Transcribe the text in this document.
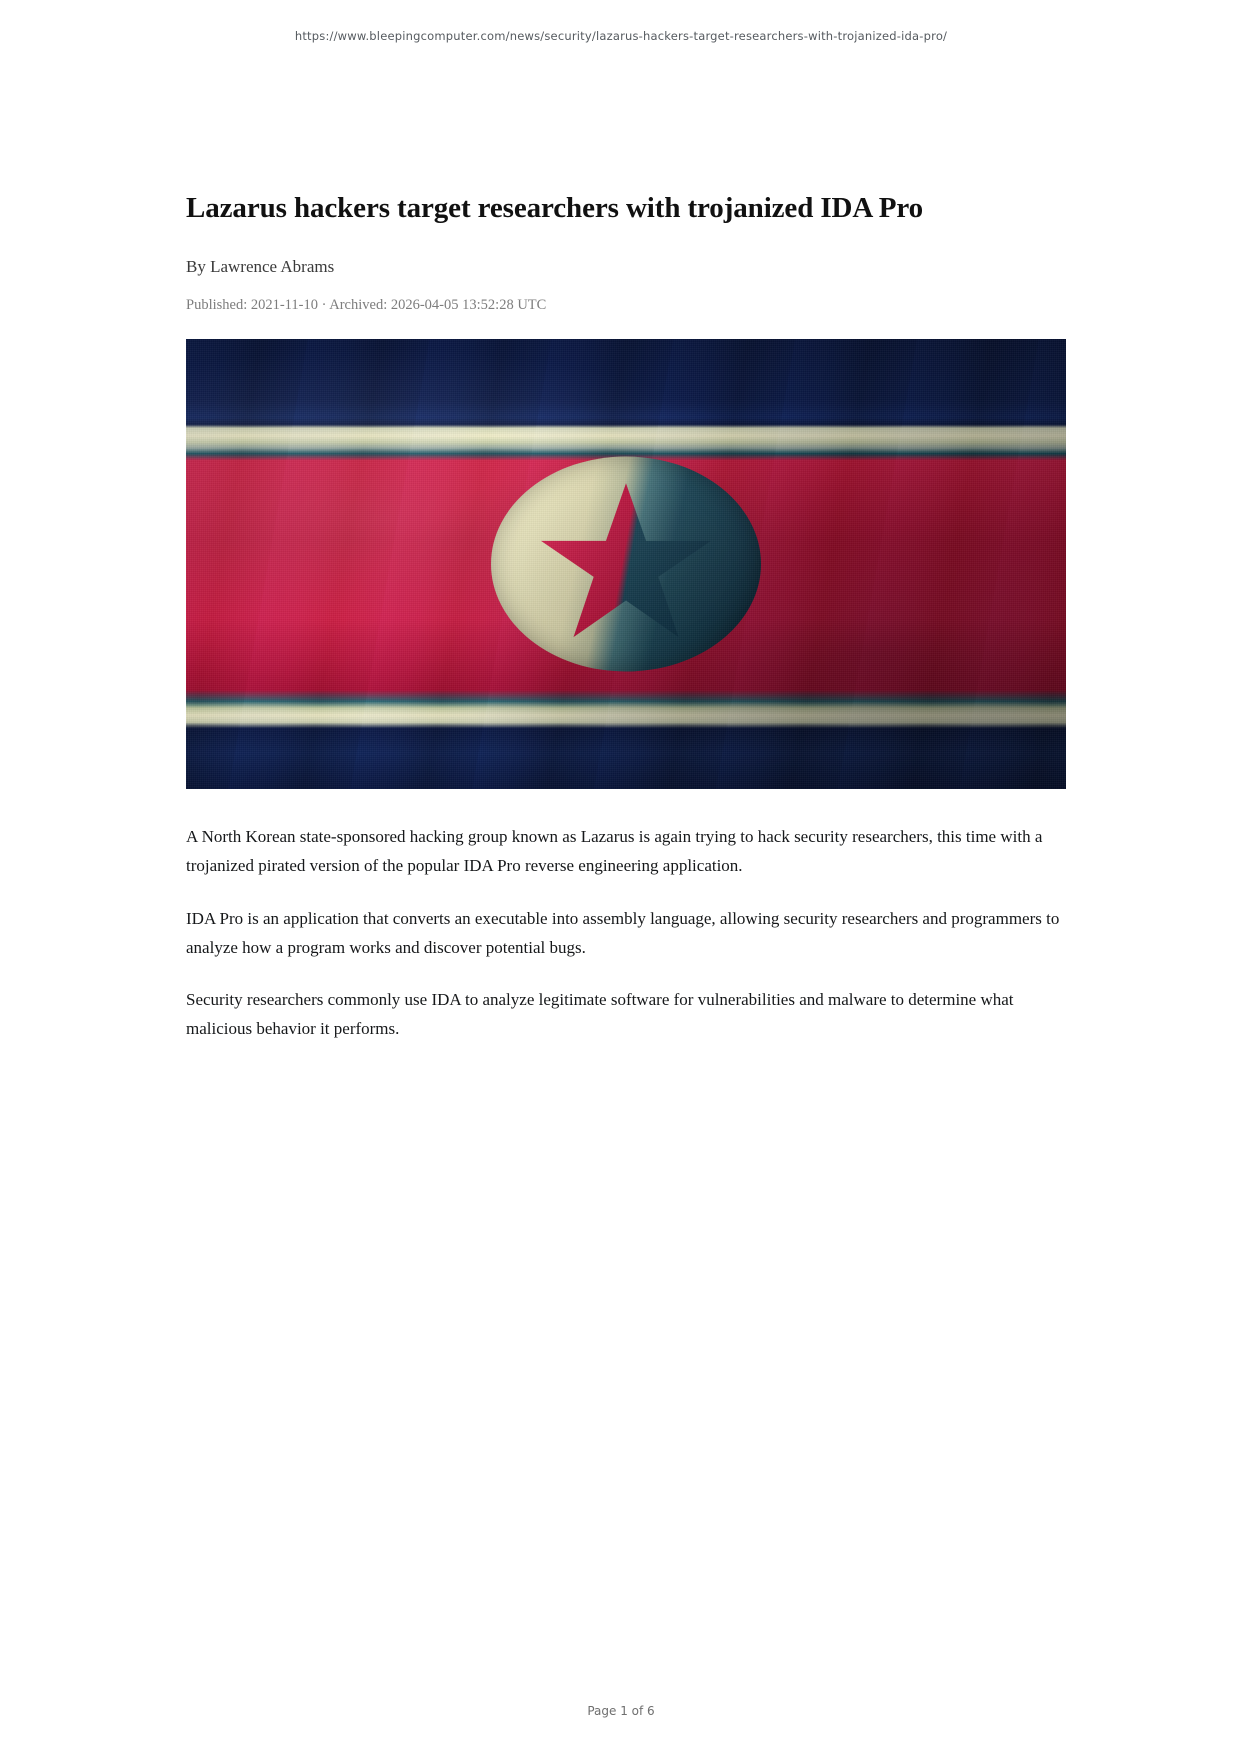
https://www.bleepingcomputer.com/news/security/lazarus-hackers-target-researchers-with-trojanized-ida-pro/
Lazarus hackers target researchers with trojanized IDA Pro
By Lawrence Abrams
Published: 2021-11-10 · Archived: 2026-04-05 13:52:28 UTC

A North Korean state-sponsored hacking group known as Lazarus is again trying to hack security researchers, this time with a trojanized pirated version of the popular IDA Pro reverse engineering application.

IDA Pro is an application that converts an executable into assembly language, allowing security researchers and programmers to analyze how a program works and discover potential bugs.

Security researchers commonly use IDA to analyze legitimate software for vulnerabilities and malware to determine what malicious behavior it performs.

Page 1 of 6
